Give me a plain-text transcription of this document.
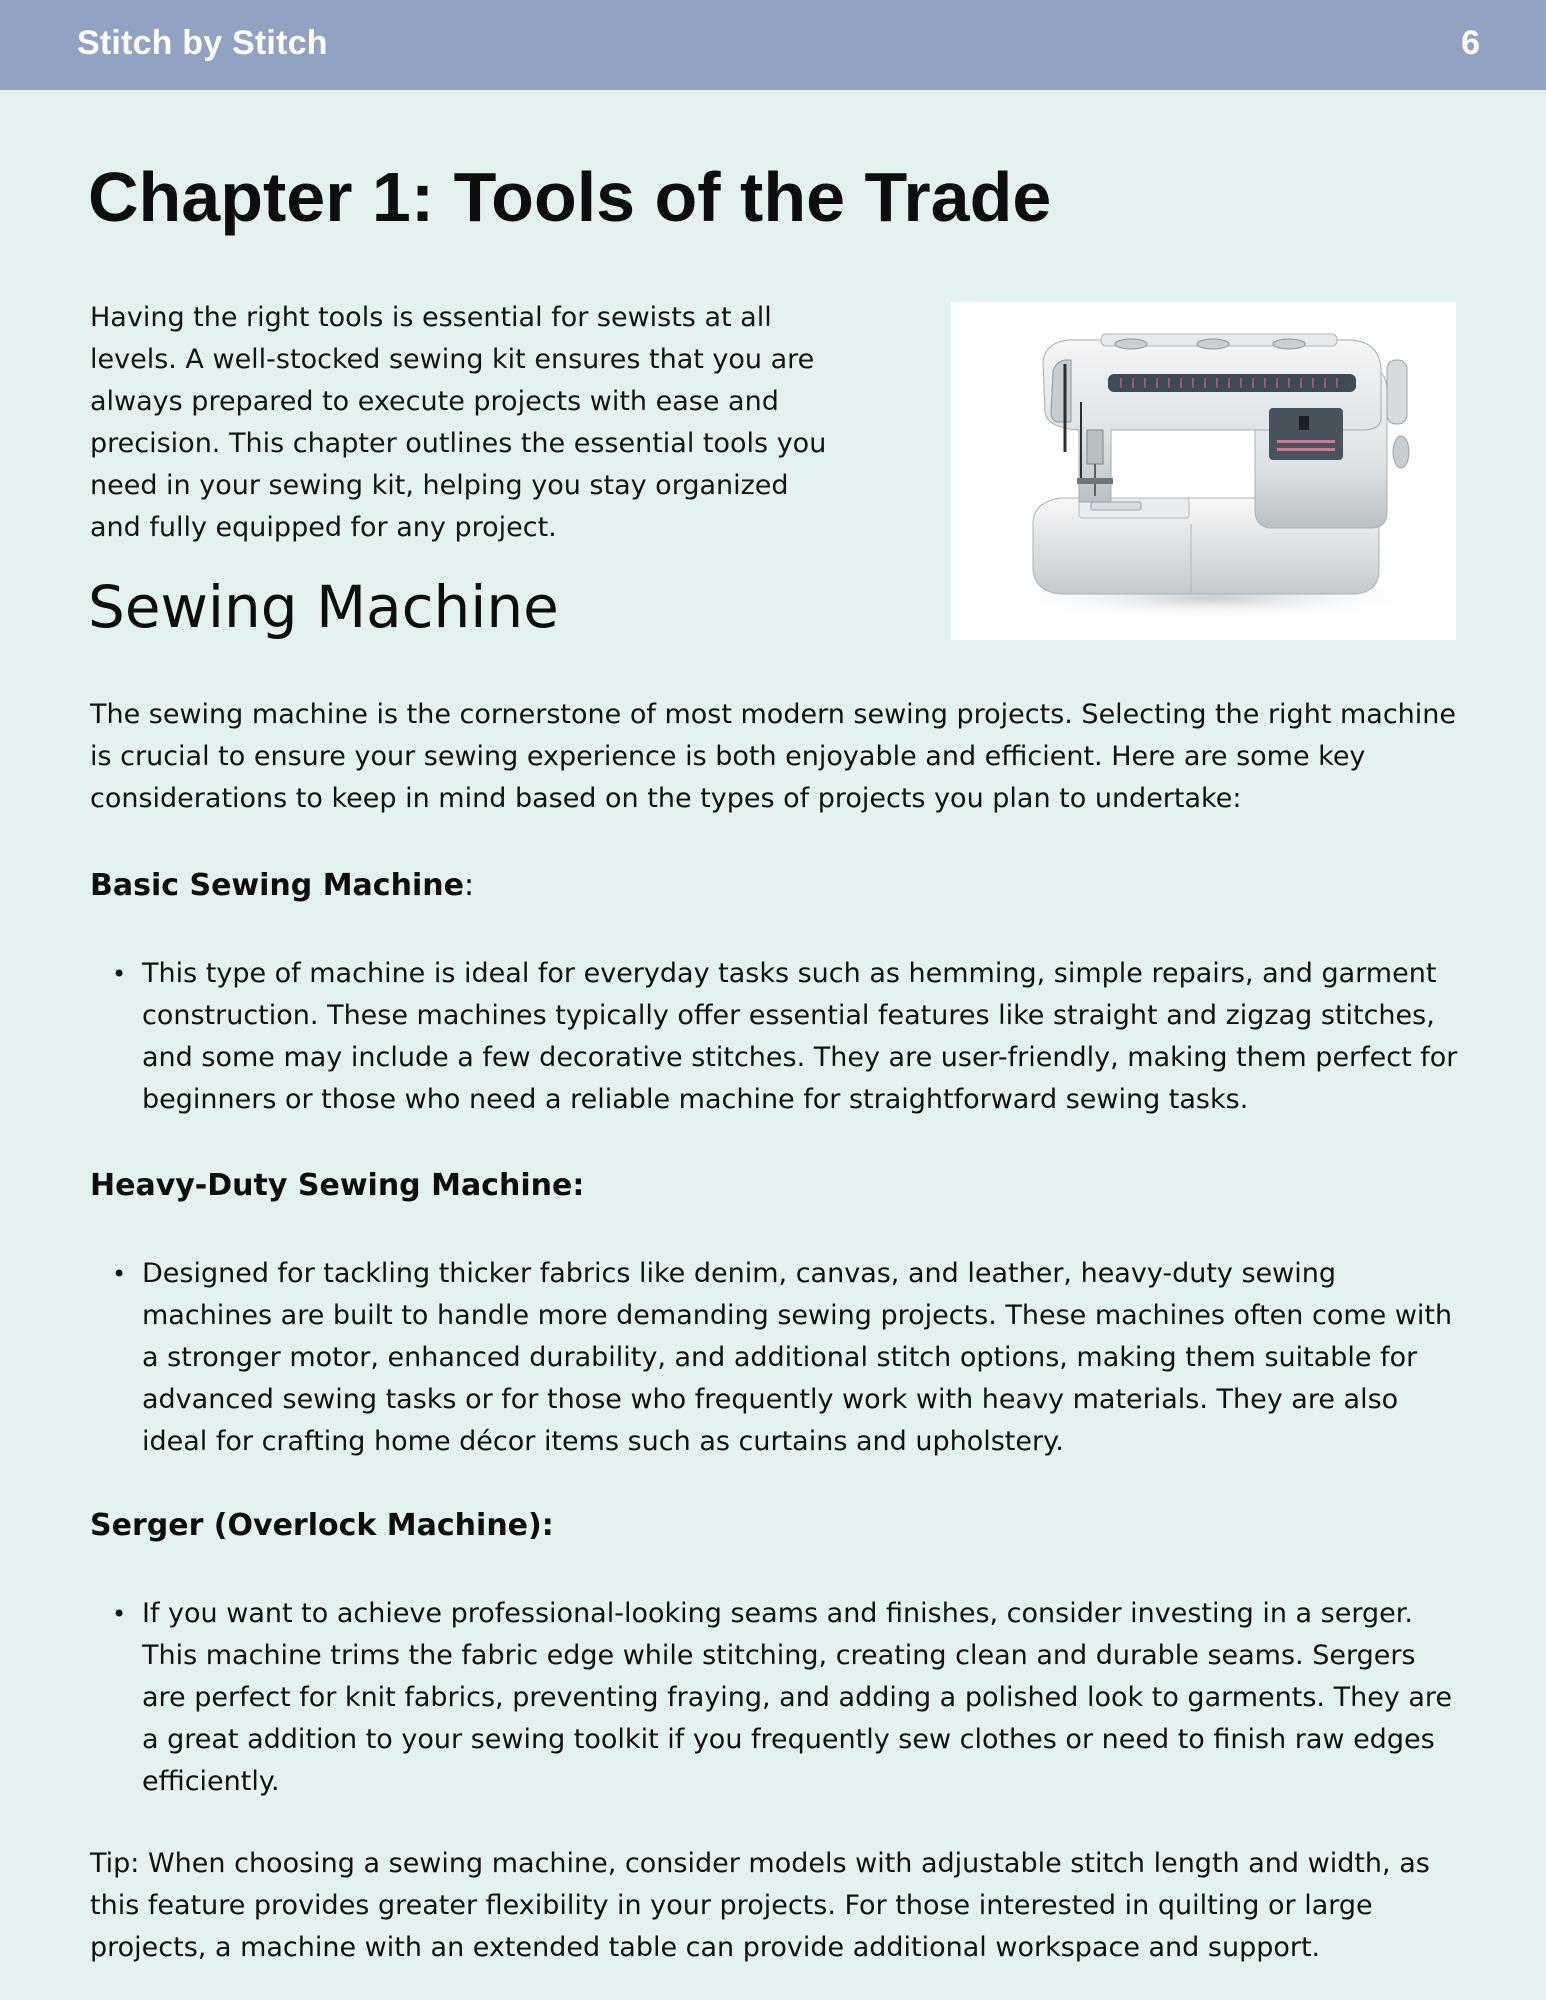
Stitch by Stitch	6
Chapter 1: Tools of the Trade

Having the right tools is essential for sewists at all levels. A well-stocked sewing kit ensures that you are always prepared to execute projects with ease and precision. This chapter outlines the essential tools you need in your sewing kit, helping you stay organized and fully equipped for any project.

Sewing Machine

The sewing machine is the cornerstone of most modern sewing projects. Selecting the right machine is crucial to ensure your sewing experience is both enjoyable and efficient. Here are some key considerations to keep in mind based on the types of projects you plan to undertake:

Basic Sewing Machine:
• This type of machine is ideal for everyday tasks such as hemming, simple repairs, and garment construction. These machines typically offer essential features like straight and zigzag stitches, and some may include a few decorative stitches. They are user-friendly, making them perfect for beginners or those who need a reliable machine for straightforward sewing tasks.
Heavy-Duty Sewing Machine:
• Designed for tackling thicker fabrics like denim, canvas, and leather, heavy-duty sewing machines are built to handle more demanding sewing projects. These machines often come with a stronger motor, enhanced durability, and additional stitch options, making them suitable for advanced sewing tasks or for those who frequently work with heavy materials. They are also ideal for crafting home décor items such as curtains and upholstery.
Serger (Overlock Machine):
• If you want to achieve professional-looking seams and finishes, consider investing in a serger. This machine trims the fabric edge while stitching, creating clean and durable seams. Sergers are perfect for knit fabrics, preventing fraying, and adding a polished look to garments. They are a great addition to your sewing toolkit if you frequently sew clothes or need to finish raw edges efficiently.

Tip: When choosing a sewing machine, consider models with adjustable stitch length and width, as this feature provides greater flexibility in your projects. For those interested in quilting or large projects, a machine with an extended table can provide additional workspace and support.
